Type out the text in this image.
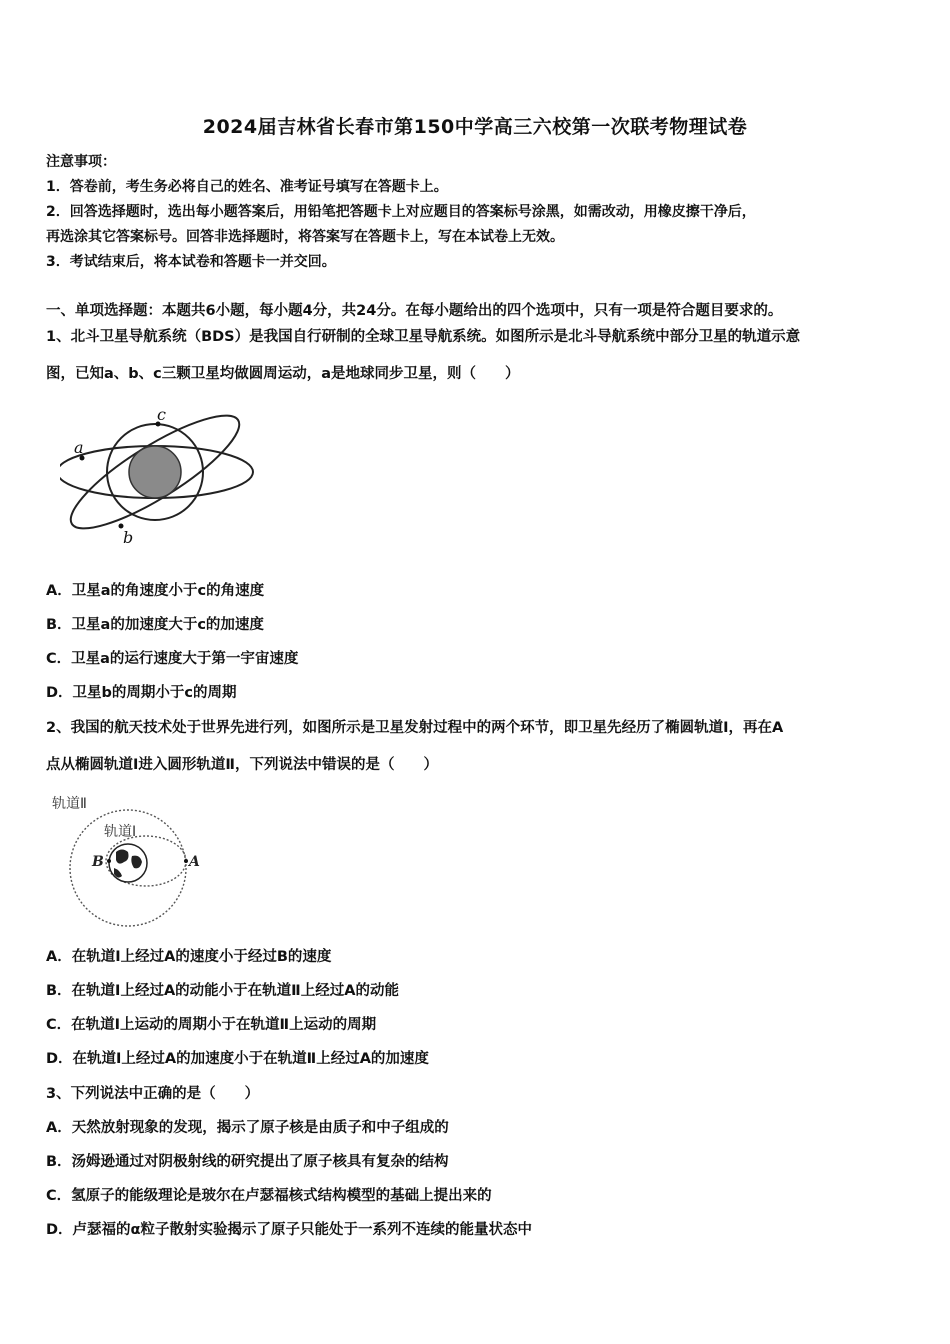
2024届吉林省长春市第150中学高三六校第一次联考物理试卷
注意事项：
1．答卷前，考生务必将自己的姓名、准考证号填写在答题卡上。
2．回答选择题时，选出每小题答案后，用铅笔把答题卡上对应题目的答案标号涂黑，如需改动，用橡皮擦干净后，
再选涂其它答案标号。回答非选择题时，将答案写在答题卡上，写在本试卷上无效。
3．考试结束后，将本试卷和答题卡一并交回。
一、单项选择题：本题共6小题，每小题4分，共24分。在每小题给出的四个选项中，只有一项是符合题目要求的。
1、北斗卫星导航系统（BDS）是我国自行研制的全球卫星导航系统。如图所示是北斗导航系统中部分卫星的轨道示意
图，已知a、b、c三颗卫星均做圆周运动，a是地球同步卫星，则（　　）
a
b
c
A．卫星a的角速度小于c的角速度
B．卫星a的加速度大于c的加速度
C．卫星a的运行速度大于第一宇宙速度
D．卫星b的周期小于c的周期
2、我国的航天技术处于世界先进行列，如图所示是卫星发射过程中的两个环节，即卫星先经历了椭圆轨道Ⅰ，再在A
点从椭圆轨道Ⅰ进入圆形轨道Ⅱ，下列说法中错误的是（　　）
轨道Ⅱ
轨道Ⅰ
B	A
A．在轨道Ⅰ上经过A的速度小于经过B的速度
B．在轨道Ⅰ上经过A的动能小于在轨道Ⅱ上经过A的动能
C．在轨道Ⅰ上运动的周期小于在轨道Ⅱ上运动的周期
D．在轨道Ⅰ上经过A的加速度小于在轨道Ⅱ上经过A的加速度
3、下列说法中正确的是（　　）
A．天然放射现象的发现，揭示了原子核是由质子和中子组成的
B．汤姆逊通过对阴极射线的研究提出了原子核具有复杂的结构
C．氢原子的能级理论是玻尔在卢瑟福核式结构模型的基础上提出来的
D．卢瑟福的α粒子散射实验揭示了原子只能处于一系列不连续的能量状态中
